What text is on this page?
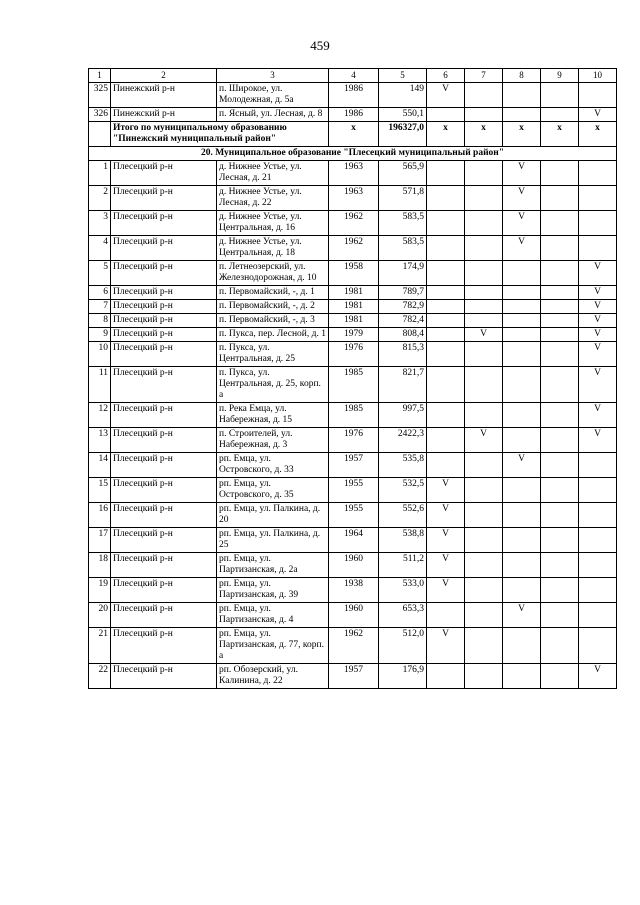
459
1	2	3	4	5	6	7	8	9	10
325	Пинежский р-н	п. Широкое, ул. Молодежная, д. 5а	1986	149	V				
326	Пинежский р-н	п. Ясный, ул. Лесная, д. 8	1986	550,1					V
	Итого по муниципальному образованию "Пинежский муниципальный район"		x	196327,0	x	x	x	x	x
20. Муниципальное образование "Плесецкий муниципальный район"									
1	Плесецкий р-н	д. Нижнее Устье, ул. Лесная, д. 21	1963	565,9			V		
2	Плесецкий р-н	д. Нижнее Устье, ул. Лесная, д. 22	1963	571,8			V		
3	Плесецкий р-н	д. Нижнее Устье, ул. Центральная, д. 16	1962	583,5			V		
4	Плесецкий р-н	д. Нижнее Устье, ул. Центральная, д. 18	1962	583,5			V		
5	Плесецкий р-н	п. Летнеозерский, ул. Железнодорожная, д. 10	1958	174,9					V
6	Плесецкий р-н	п. Первомайский, -, д. 1	1981	789,7					V
7	Плесецкий р-н	п. Первомайский, -, д. 2	1981	782,9					V
8	Плесецкий р-н	п. Первомайский, -, д. 3	1981	782,4					V
9	Плесецкий р-н	п. Пукса, пер. Лесной, д. 1	1979	808,4		V			V
10	Плесецкий р-н	п. Пукса, ул. Центральная, д. 25	1976	815,3					V
11	Плесецкий р-н	п. Пукса, ул. Центральная, д. 25, корп. а	1985	821,7					V
12	Плесецкий р-н	п. Река Емца, ул. Набережная, д. 15	1985	997,5					V
13	Плесецкий р-н	п. Строителей, ул. Набережная, д. 3	1976	2422,3		V			V
14	Плесецкий р-н	рп. Емца, ул. Островского, д. 33	1957	535,8			V		
15	Плесецкий р-н	рп. Емца, ул. Островского, д. 35	1955	532,5	V				
16	Плесецкий р-н	рп. Емца, ул. Палкина, д. 20	1955	552,6	V				
17	Плесецкий р-н	рп. Емца, ул. Палкина, д. 25	1964	538,8	V				
18	Плесецкий р-н	рп. Емца, ул. Партизанская, д. 2а	1960	511,2	V				
19	Плесецкий р-н	рп. Емца, ул. Партизанская, д. 39	1938	533,0	V				
20	Плесецкий р-н	рп. Емца, ул. Партизанская, д. 4	1960	653,3			V		
21	Плесецкий р-н	рп. Емца, ул. Партизанская, д. 77, корп. а	1962	512,0	V				
22	Плесецкий р-н	рп. Обозерский, ул. Калинина, д. 22	1957	176,9					V
